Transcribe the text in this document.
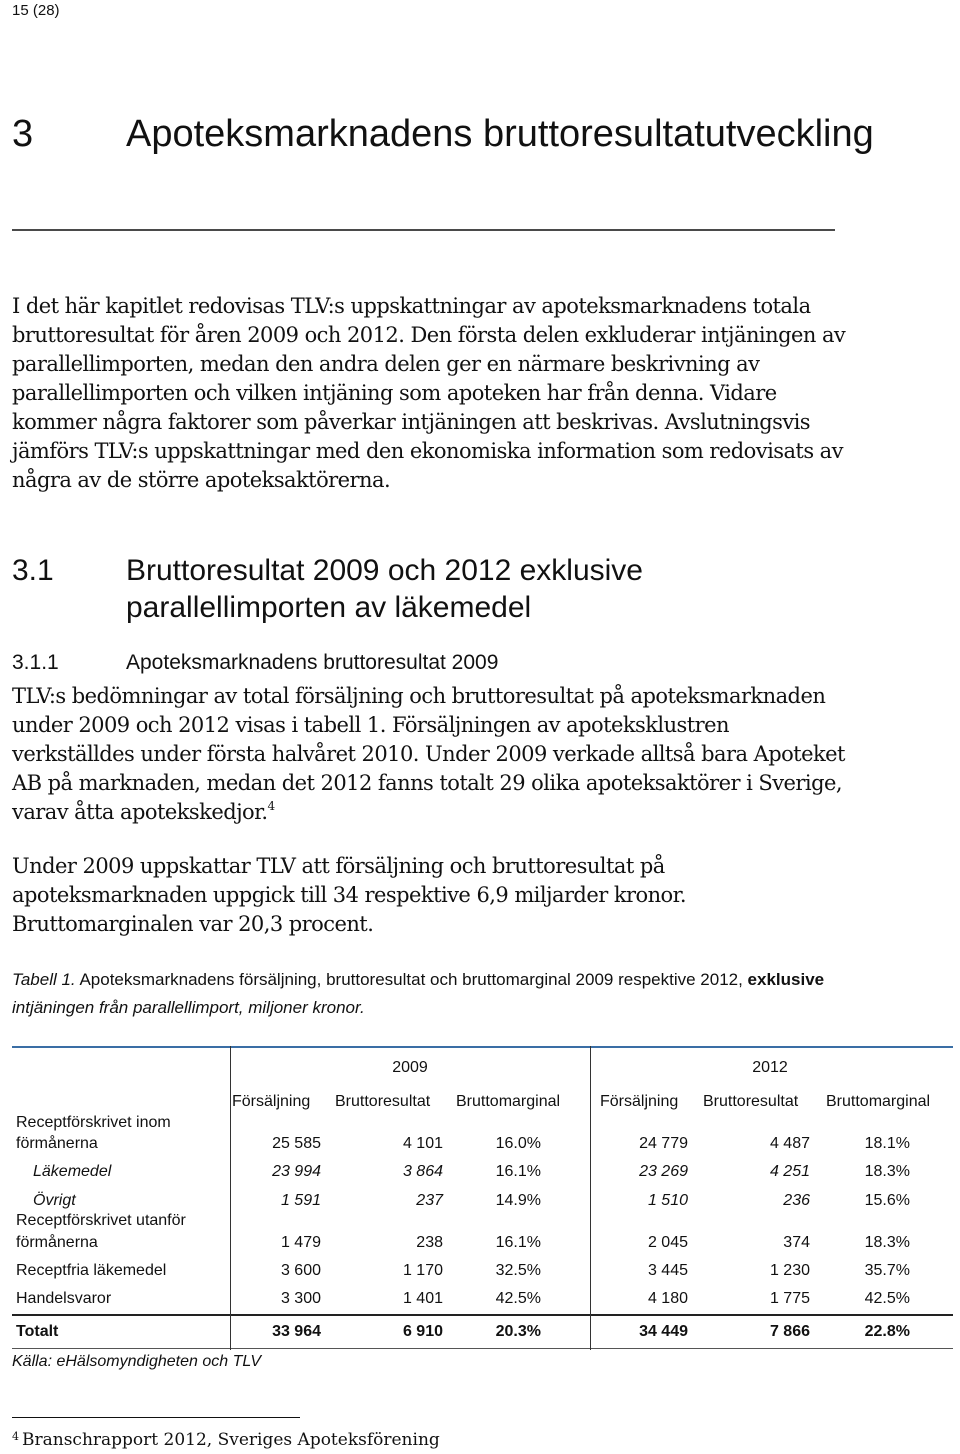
15 (28)
3 Apoteksmarknadens bruttoresultatutveckling

I det här kapitlet redovisas TLV:s uppskattningar av apoteksmarknadens totala bruttoresultat för åren 2009 och 2012. Den första delen exkluderar intjäningen av parallellimporten, medan den andra delen ger en närmare beskrivning av parallellimporten och vilken intjäning som apoteken har från denna. Vidare kommer några faktorer som påverkar intjäningen att beskrivas. Avslutningsvis jämförs TLV:s uppskattningar med den ekonomiska information som redovisats av några av de större apoteksaktörerna.

3.1 Bruttoresultat 2009 och 2012 exklusive parallellimporten av läkemedel
3.1.1	Apoteksmarknadens bruttoresultat 2009

TLV:s bedömningar av total försäljning och bruttoresultat på apoteksmarknaden under 2009 och 2012 visas i tabell 1. Försäljningen av apoteksklustren verkställdes under första halvåret 2010. Under 2009 verkade alltså bara Apoteket AB på marknaden, medan det 2012 fanns totalt 29 olika apoteksaktörer i Sverige, varav åtta apotekskedjor.$^4$

Under 2009 uppskattar TLV att försäljning och bruttoresultat på apoteksmarknaden uppgick till 34 respektive 6,9 miljarder kronor. Bruttomarginalen var 20,3 procent.

Tabell 1. Apoteksmarknadens försäljning, bruttoresultat och bruttomarginal 2009 respektive 2012, exklusive intjäningen från parallellimport, miljoner kronor.
2009	2012
Försäljning Bruttoresultat Bruttomarginal Försäljning Bruttoresultat Bruttomarginal
Receptförskrivet inom
förmånerna	25 585	4 101	16.0%	24 779	4 487	18.1%
Läkemedel	23 994	3 864	16.1%	23 269	4 251	18.3%
Övrigt	1 591	237	14.9%	1 510	236	15.6%
Receptförskrivet utanför
förmånerna	1 479	238	16.1%	2 045	374	18.3%
Receptfria läkemedel	3 600	1 170	32.5%	3 445	1 230	35.7%
Handelsvaror	3 300	1 401	42.5%	4 180	1 775	42.5%
Totalt	33 964	6 910	20.3%	34 449	7 866	22.8%
Källa: eHälsomyndigheten och TLV
$^4$ Branschrapport 2012, Sveriges Apoteksförening
